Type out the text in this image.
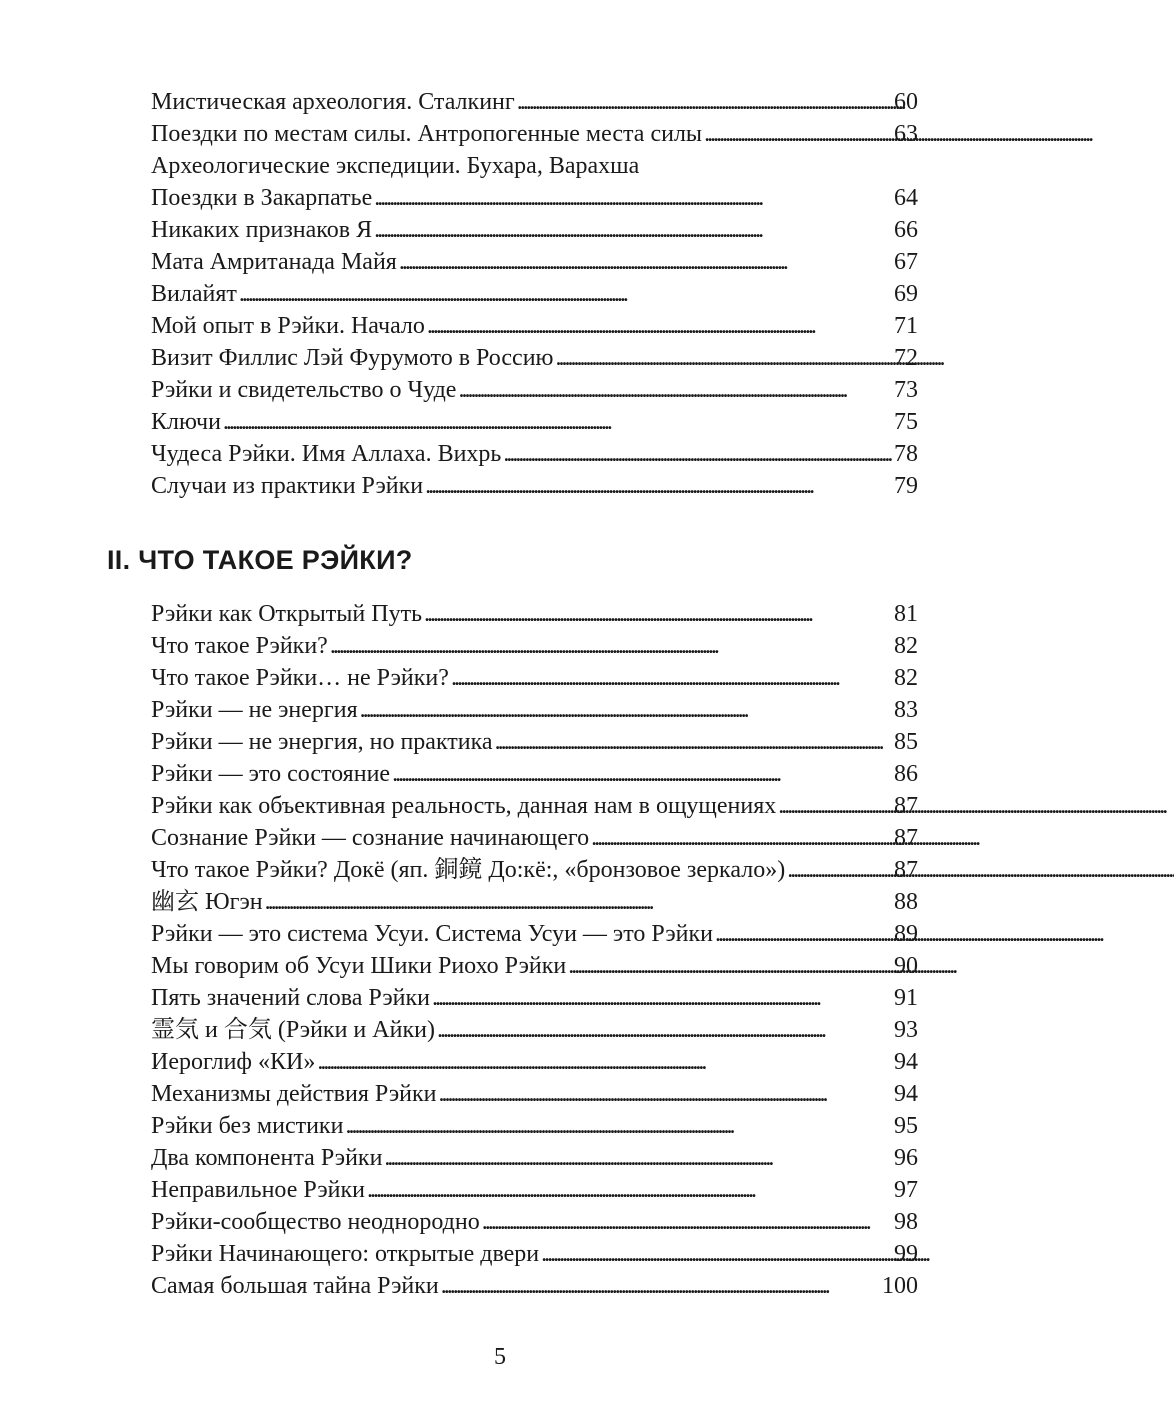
Мистическая археология. Сталкинг . . .	60
Поездки по местам силы. Антропогенные места силы . . .	63
Археологические экспедиции. Бухара, Варахша
Поездки в Закарпатье . . .	64
Никаких признаков Я . . .	66
Мата Амританада Майя . . .	67
Вилайят . . .	69
Мой опыт в Рэйки. Начало . . .	71
Визит Филлис Лэй Фурумото в Россию . . .	72
Рэйки и свидетельство о Чуде . . .	73
Ключи . . .	75
Чудеса Рэйки. Имя Аллаха. Вихрь . . .	78
Случаи из практики Рэйки . . .	79
II. ЧТО ТАКОЕ РЭЙКИ?
Рэйки как Открытый Путь . . .	81
Что такое Рэйки? . . .	82
Что такое Рэйки… не Рэйки? . . .	82
Рэйки — не энергия . . .	83
Рэйки — не энергия, но практика . . .	85
Рэйки — это состояние . . .	86
Рэйки как объективная реальность, данная нам в ощущениях . . .	87
Сознание Рэйки — сознание начинающего . . .	87
Что такое Рэйки? Докё (яп. 銅鏡 До:кё:, «бронзовое зеркало») . . .	87
幽玄 Югэн . . .	88
Рэйки — это система Усуи. Система Усуи — это Рэйки . . .	89
Мы говорим об Усуи Шики Риохо Рэйки . . .	90
Пять значений слова Рэйки . . .	91
霊気 и 合気 (Рэйки и Айки) . . .	93
Иероглиф «КИ» . . .	94
Механизмы действия Рэйки . . .	94
Рэйки без мистики . . .	95
Два компонента Рэйки . . .	96
Неправильное Рэйки . . .	97
Рэйки-сообщество неоднородно . . .	98
Рэйки Начинающего: открытые двери . . .	99
Самая большая тайна Рэйки . . .	100
5
